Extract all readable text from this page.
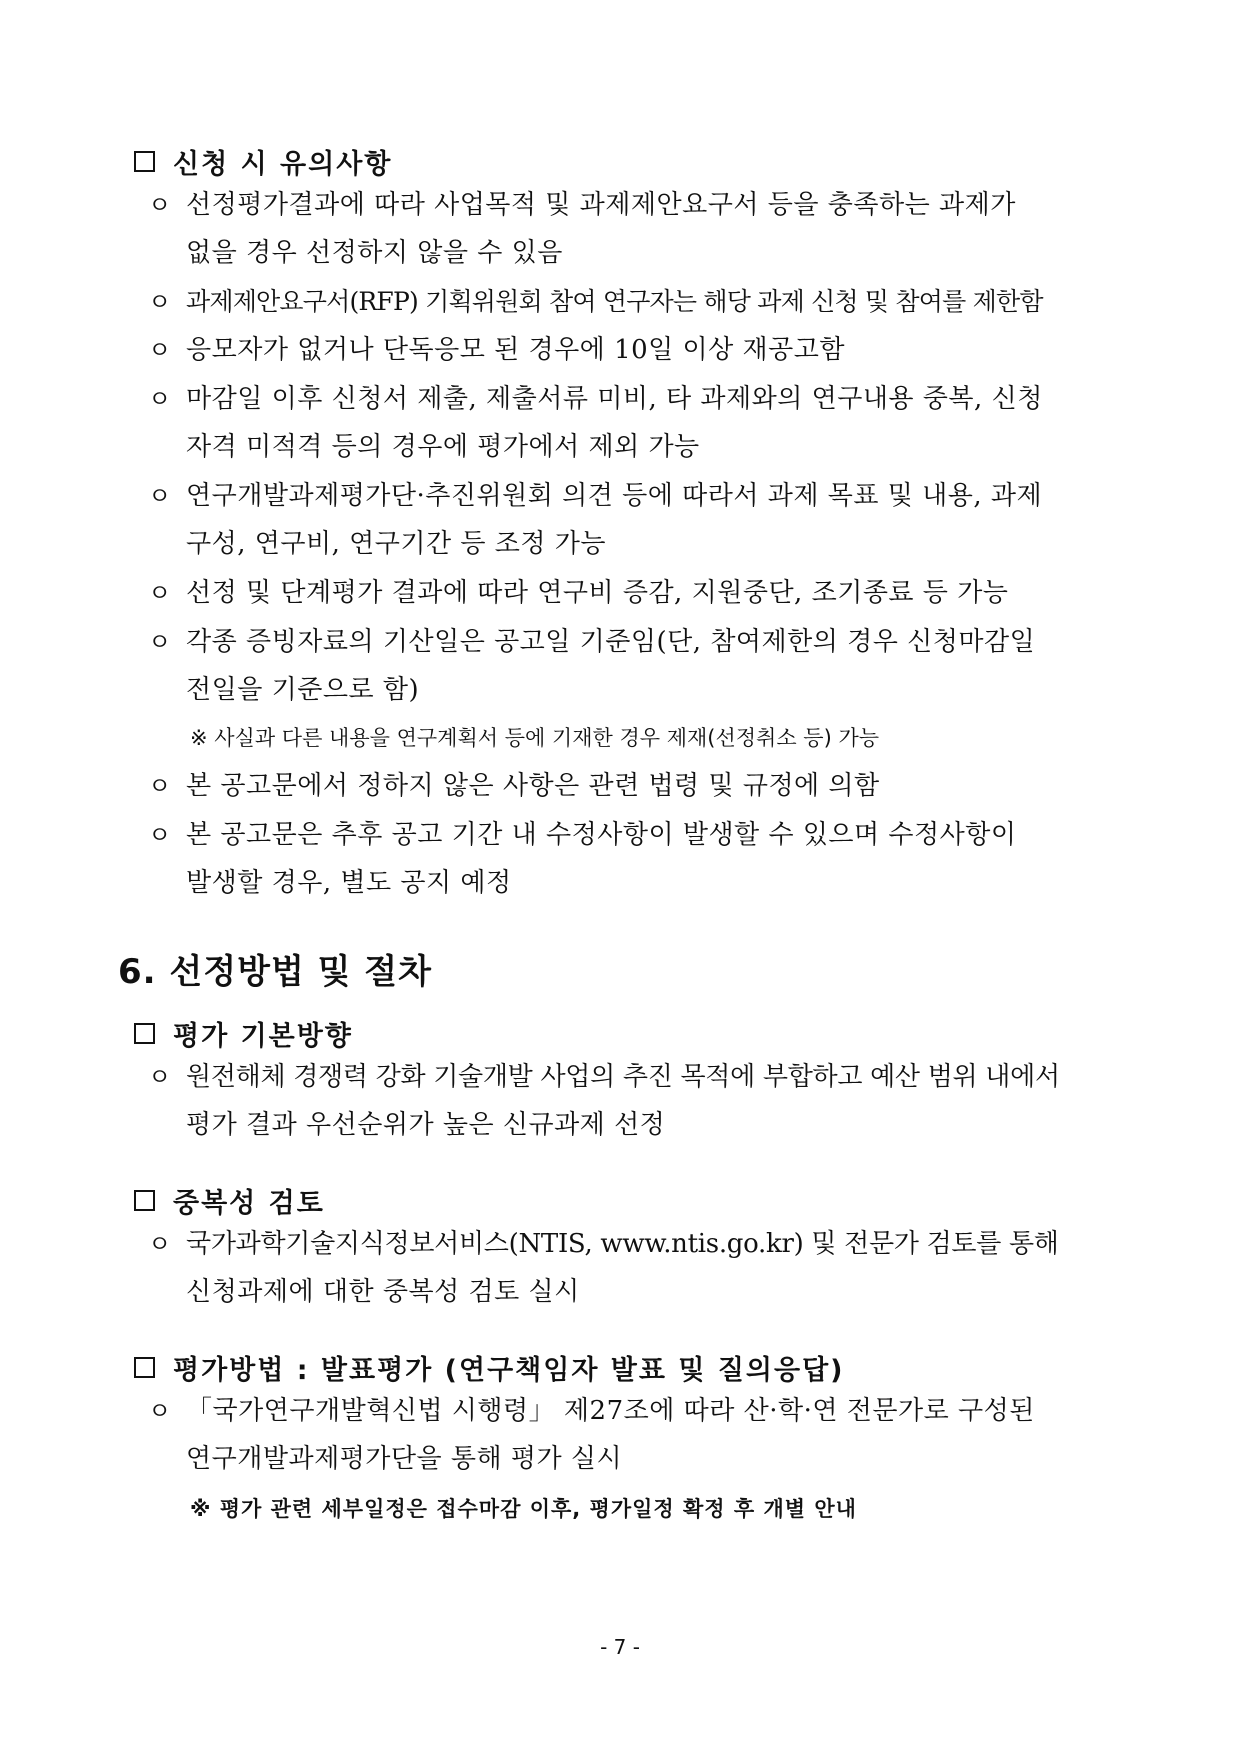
신청 시 유의사항
ㅇ 선정평가결과에 따라 사업목적 및 과제제안요구서 등을 충족하는 과제가
없을 경우 선정하지 않을 수 있음
ㅇ 과제제안요구서(RFP) 기획위원회 참여 연구자는 해당 과제 신청 및 참여를 제한함
ㅇ 응모자가 없거나 단독응모 된 경우에 10일 이상 재공고함
ㅇ 마감일 이후 신청서 제출, 제출서류 미비, 타 과제와의 연구내용 중복, 신청
자격 미적격 등의 경우에 평가에서 제외 가능
ㅇ 연구개발과제평가단·추진위원회 의견 등에 따라서 과제 목표 및 내용, 과제
구성, 연구비, 연구기간 등 조정 가능
ㅇ 선정 및 단계평가 결과에 따라 연구비 증감, 지원중단, 조기종료 등 가능
ㅇ 각종 증빙자료의 기산일은 공고일 기준임(단, 참여제한의 경우 신청마감일
전일을 기준으로 함)
※ 사실과 다른 내용을 연구계획서 등에 기재한 경우 제재(선정취소 등) 가능
ㅇ 본 공고문에서 정하지 않은 사항은 관련 법령 및 규정에 의함
ㅇ 본 공고문은 추후 공고 기간 내 수정사항이 발생할 수 있으며 수정사항이
발생할 경우, 별도 공지 예정
6. 선정방법 및 절차
평가 기본방향
ㅇ 원전해체 경쟁력 강화 기술개발 사업의 추진 목적에 부합하고 예산 범위 내에서
평가 결과 우선순위가 높은 신규과제 선정
중복성 검토
ㅇ 국가과학기술지식정보서비스(NTIS, www.ntis.go.kr) 및 전문가 검토를 통해
신청과제에 대한 중복성 검토 실시
평가방법 : 발표평가 (연구책임자 발표 및 질의응답)
ㅇ 「국가연구개발혁신법 시행령」 제27조에 따라 산·학·연 전문가로 구성된
연구개발과제평가단을 통해 평가 실시
※ 평가 관련 세부일정은 접수마감 이후, 평가일정 확정 후 개별 안내
- 7 -
